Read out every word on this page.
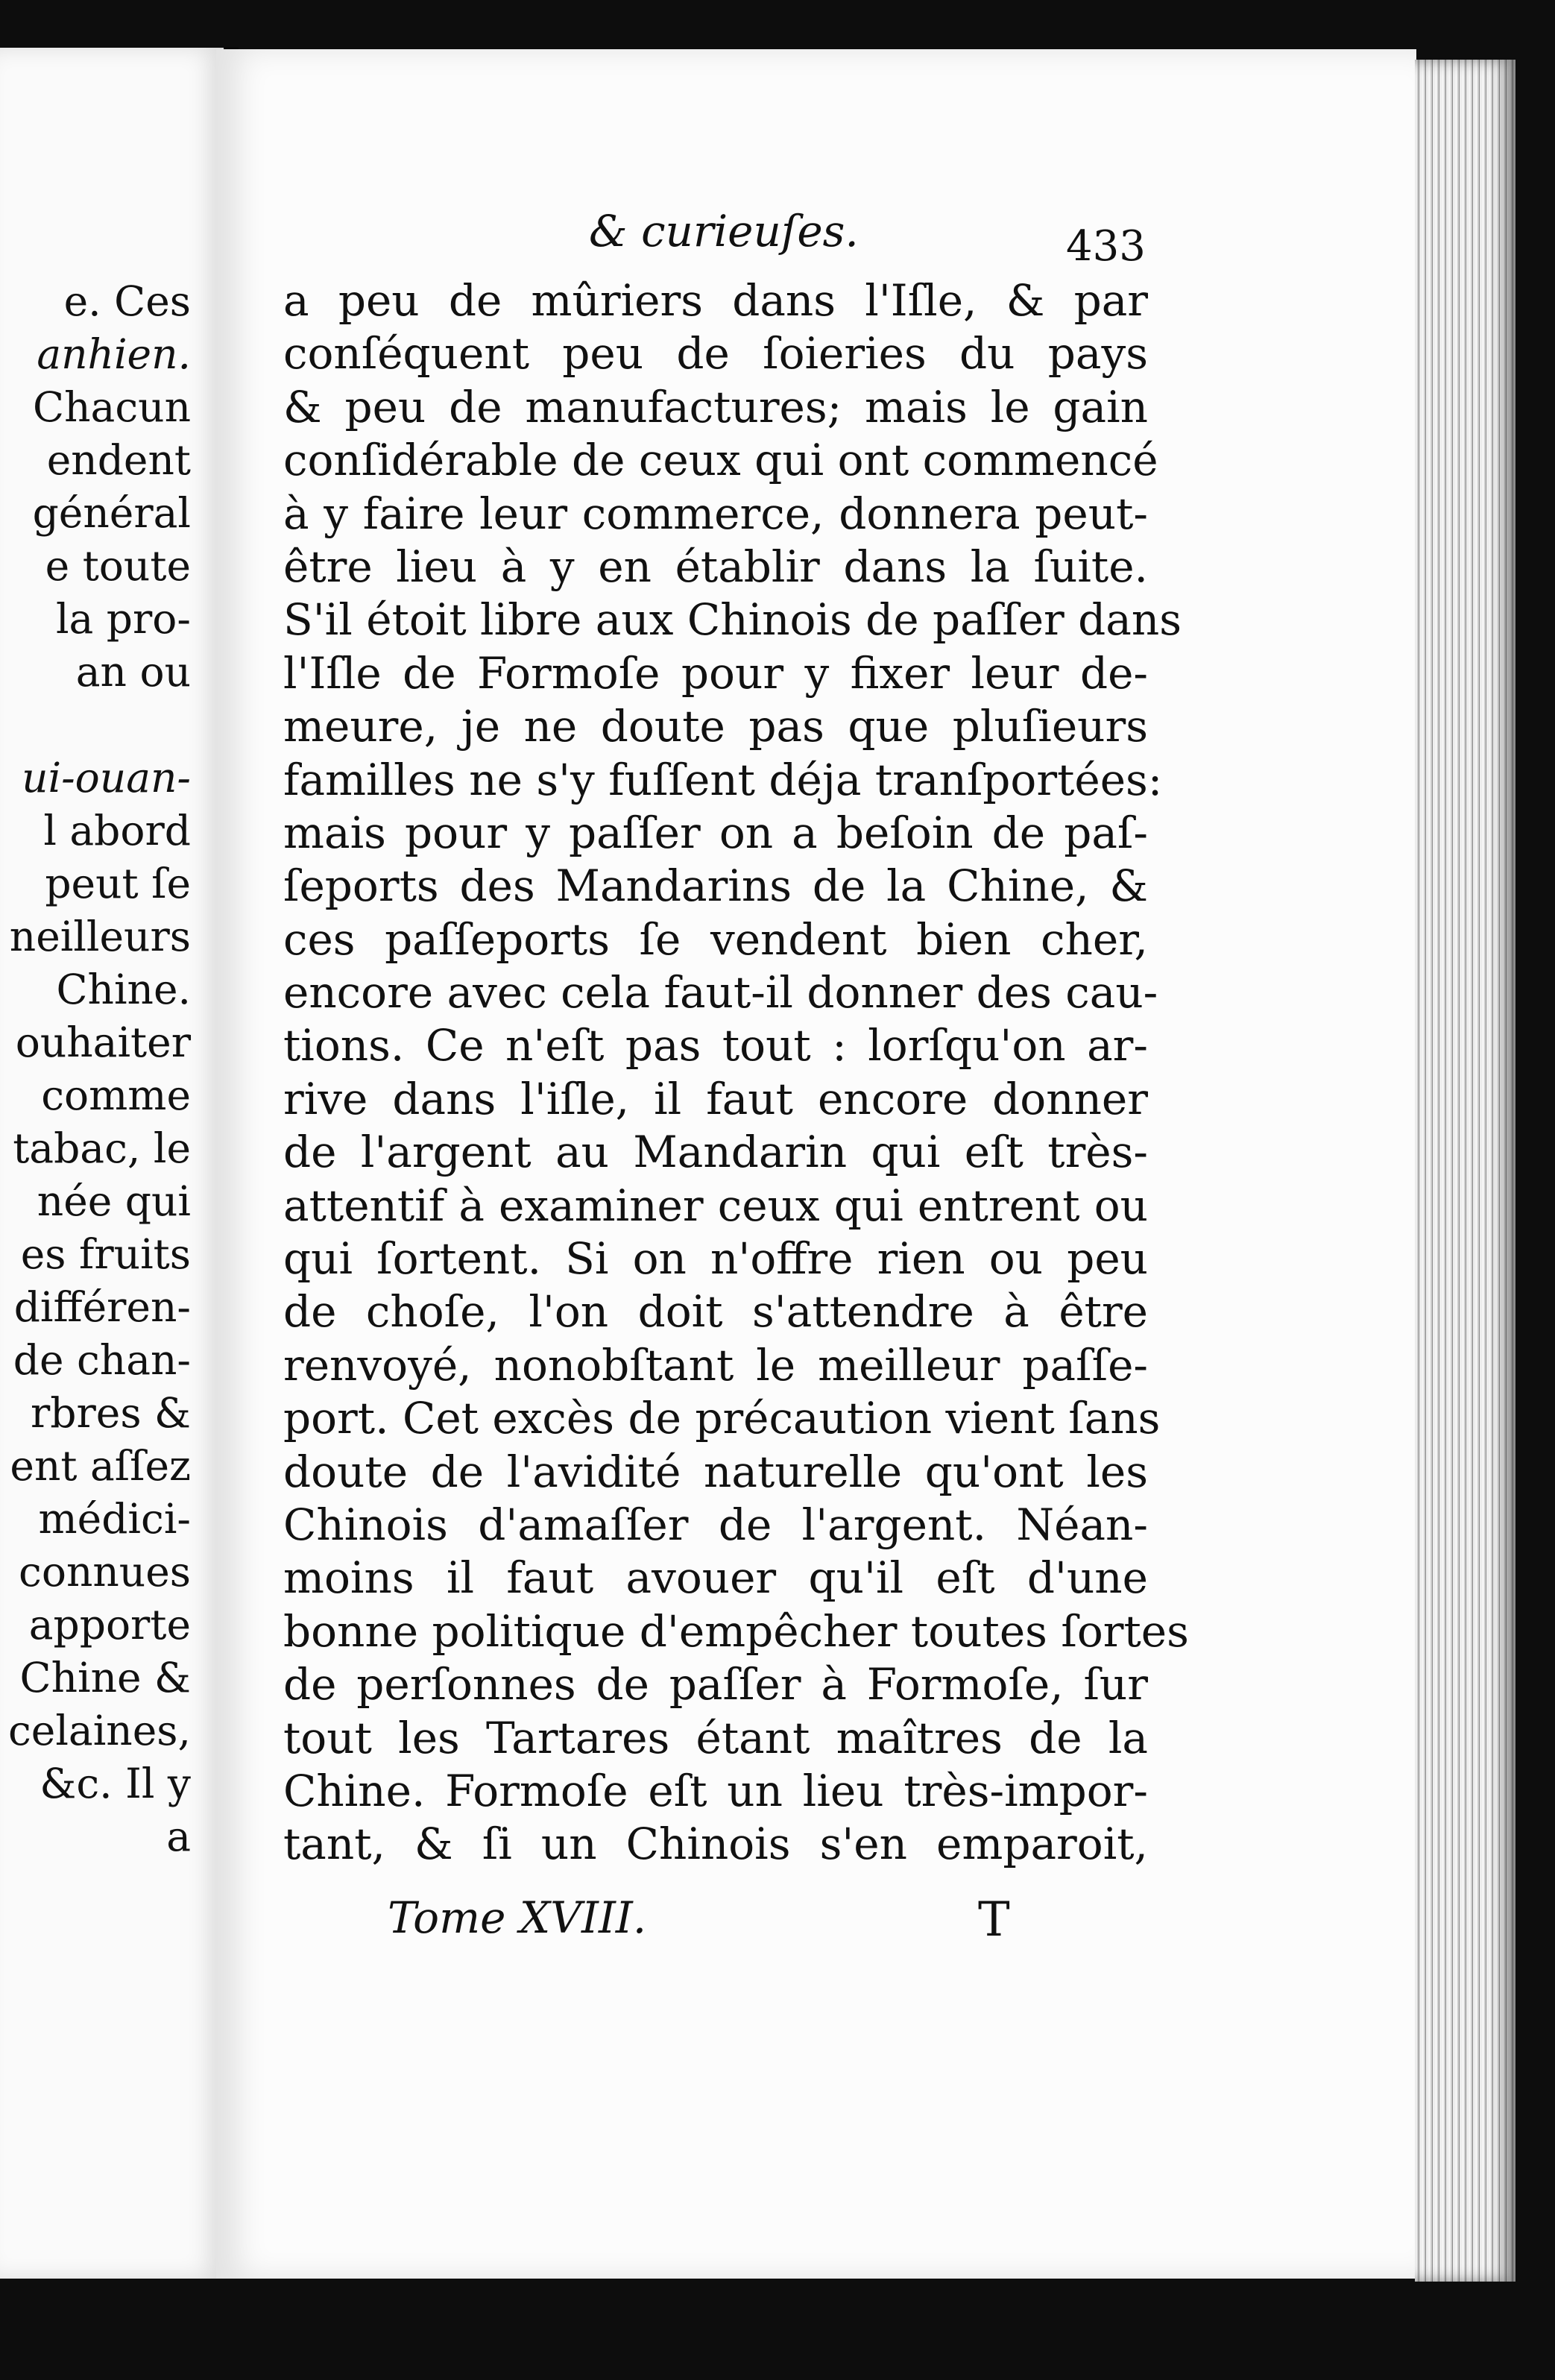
e. Ces
anhien.
Chacun
endent
général
e toute
la pro-
an ou
ui-ouan-
l abord
peut ſe
neilleurs
Chine.
ouhaiter
comme
tabac, le
née qui
es fruits
différen-
de chan-
rbres &
ent aſſez
médici-
connues
apporte
Chine &
celaines,
&c. Il y
a
& curieuſes.	433
a peu de mûriers dans l'Iſle, & par
conſéquent peu de ſoieries du pays
& peu de manufactures; mais le gain
conſidérable de ceux qui ont commencé
à y faire leur commerce, donnera peut-
être lieu à y en établir dans la ſuite.
S'il étoit libre aux Chinois de paſſer dans
l'Iſle de Formoſe pour y fixer leur de-
meure, je ne doute pas que pluſieurs
familles ne s'y fuſſent déja tranſportées:
mais pour y paſſer on a beſoin de paſ-
ſeports des Mandarins de la Chine, &
ces paſſeports ſe vendent bien cher,
encore avec cela faut-il donner des cau-
tions. Ce n'eſt pas tout : lorſqu'on ar-
rive dans l'iſle, il faut encore donner
de l'argent au Mandarin qui eſt très-
attentif à examiner ceux qui entrent ou
qui ſortent. Si on n'offre rien ou peu
de choſe, l'on doit s'attendre à être
renvoyé, nonobſtant le meilleur paſſe-
port. Cet excès de précaution vient ſans
doute de l'avidité naturelle qu'ont les
Chinois d'amaſſer de l'argent. Néan-
moins il faut avouer qu'il eſt d'une
bonne politique d'empêcher toutes ſortes
de perſonnes de paſſer à Formoſe, ſur
tout les Tartares étant maîtres de la
Chine. Formoſe eſt un lieu très-impor-
tant, & ſi un Chinois s'en emparoit,
Tome XVIII.	T
